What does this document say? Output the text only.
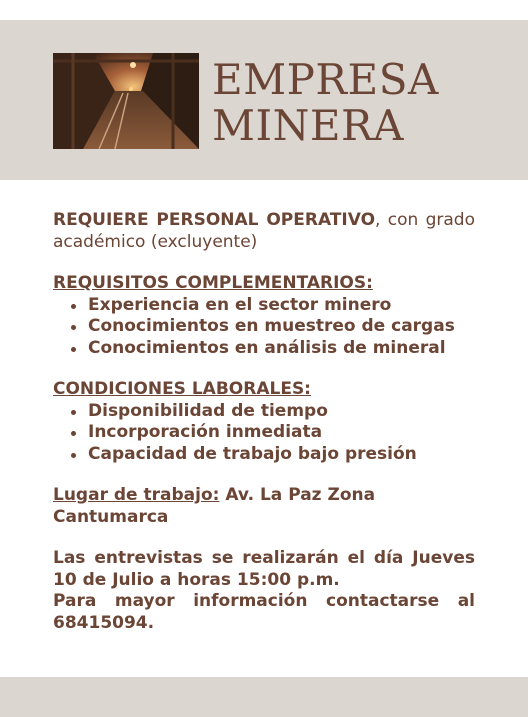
EMPRESA
MINERA

REQUIERE PERSONAL OPERATIVO, con grado académico (excluyente)

REQUISITOS COMPLEMENTARIOS:

Experiencia en el sector minero
Conocimientos en muestreo de cargas
Conocimientos en análisis de mineral

CONDICIONES LABORALES:

Disponibilidad de tiempo
Incorporación inmediata
Capacidad de trabajo bajo presión

Lugar de trabajo: Av. La Paz Zona Cantumarca

Las entrevistas se realizarán el día Jueves 10 de Julio a horas 15:00 p.m.

Para mayor información contactarse al 68415094.
